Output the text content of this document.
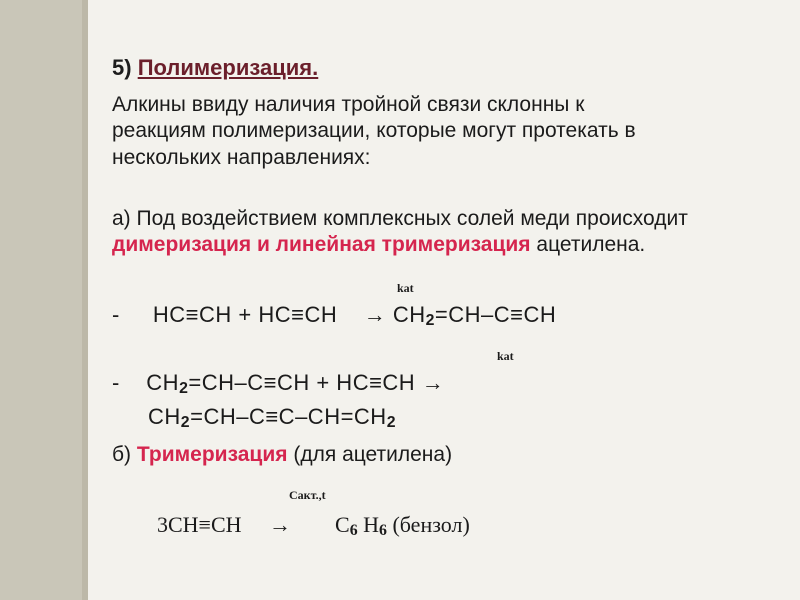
5) Полимеризация.
Алкины ввиду наличия тройной связи склонны к
реакциям полимеризации, которые могут протекать в
нескольких направлениях:
а) Под воздействием комплексных солей меди происходит
димеризация и линейная тримеризация ацетилена.
kat
- HC≡CH + HC≡CH → CH2=CH–C≡CH
kat
- CH2=CH–C≡CH + HC≡CH →
CH2=CH–C≡C–CH=CH2
б) Тримеризация (для ацетилена)
Cакт.,t
3CH≡CH → C6 H6 (бензол)
